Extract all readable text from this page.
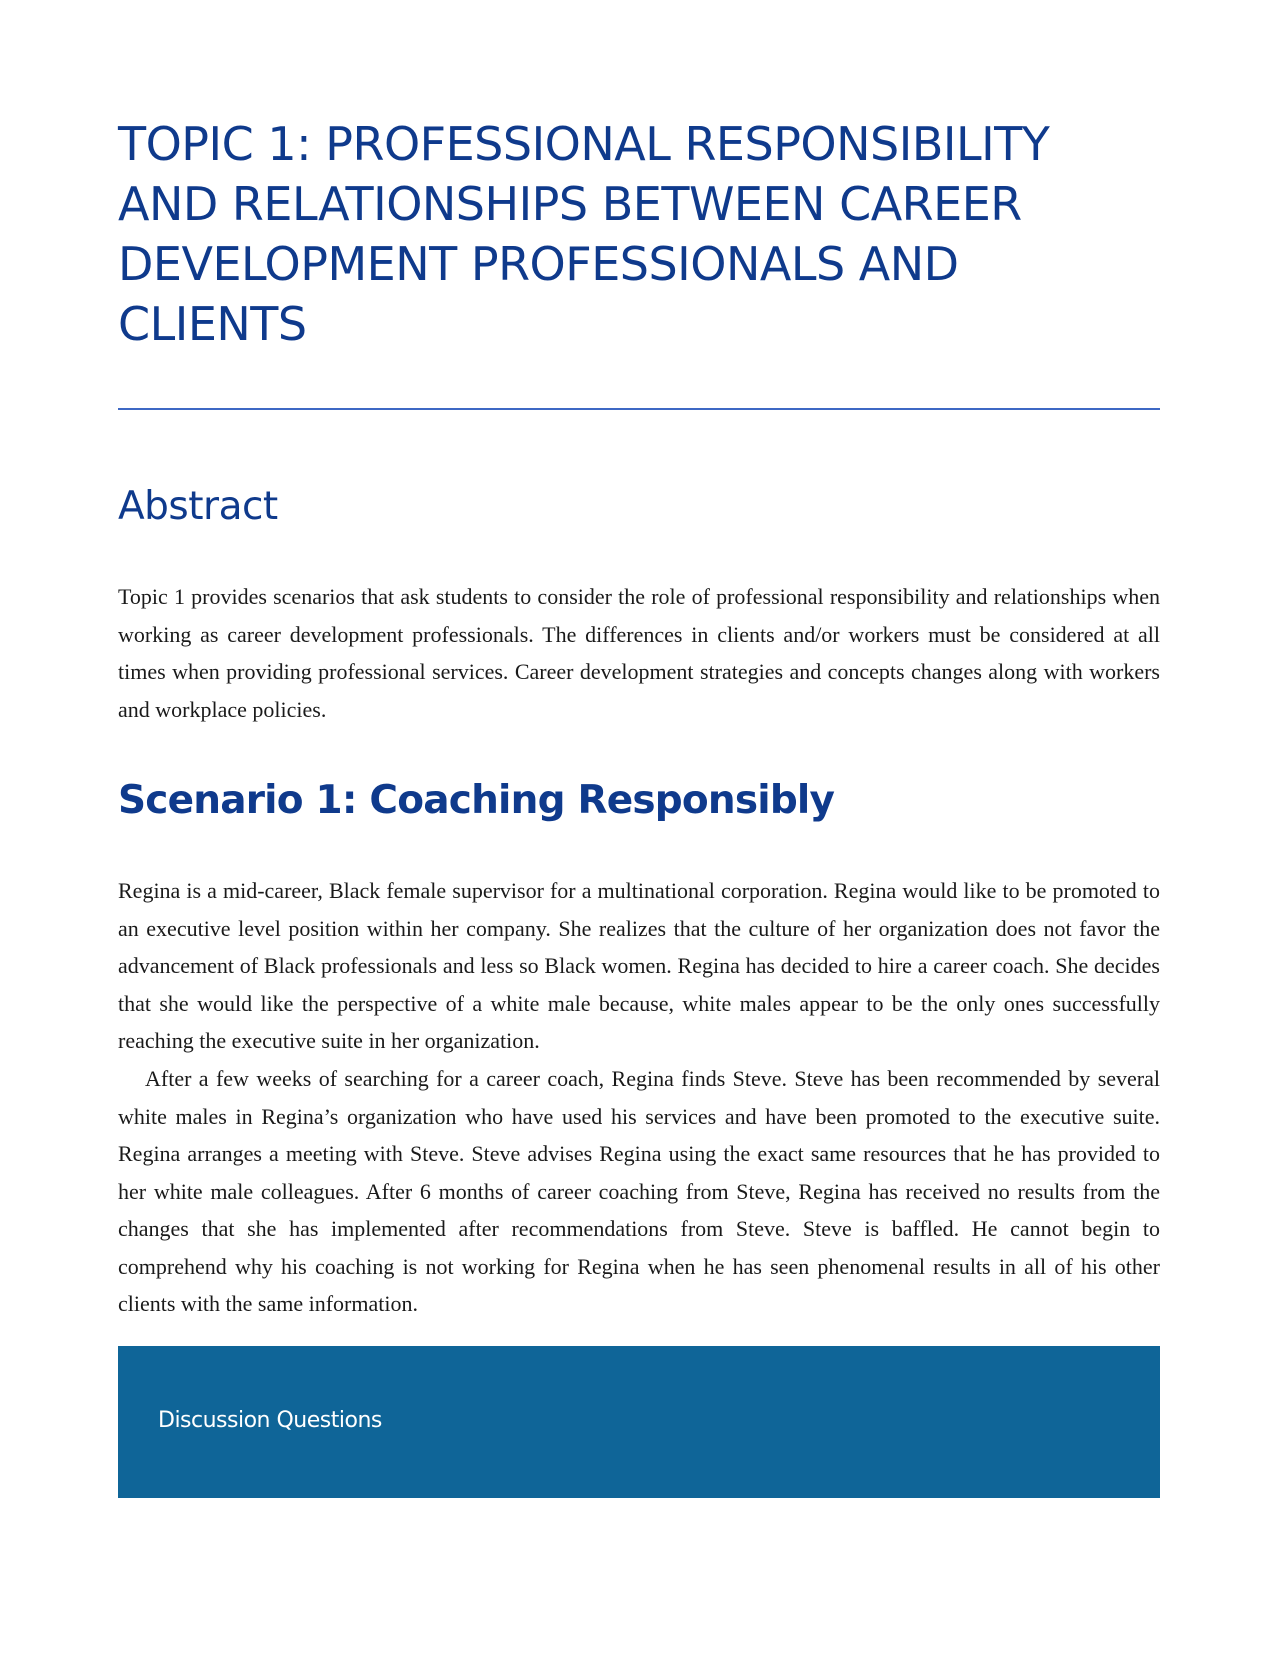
TOPIC 1: PROFESSIONAL RESPONSIBILITY AND RELATIONSHIPS BETWEEN CAREER DEVELOPMENT PROFESSIONALS AND CLIENTS
Abstract

Topic 1 provides scenarios that ask students to consider the role of professional responsibility and relationships when working as career development professionals. The differences in clients and/or workers must be considered at all times when providing professional services. Career development strategies and concepts changes along with workers and workplace policies.

Scenario 1: Coaching Responsibly

Regina is a mid-career, Black female supervisor for a multinational corporation. Regina would like to be promoted to an executive level position within her company. She realizes that the culture of her organization does not favor the advancement of Black professionals and less so Black women. Regina has decided to hire a career coach. She decides that she would like the perspective of a white male because, white males appear to be the only ones successfully reaching the executive suite in her organization.

After a few weeks of searching for a career coach, Regina finds Steve. Steve has been recommended by several white males in Regina’s organization who have used his services and have been promoted to the executive suite. Regina arranges a meeting with Steve. Steve advises Regina using the exact same resources that he has provided to her white male colleagues. After 6 months of career coaching from Steve, Regina has received no results from the changes that she has implemented after recommendations from Steve. Steve is baffled. He cannot begin to comprehend why his coaching is not working for Regina when he has seen phenomenal results in all of his other clients with the same information.

Discussion Questions
